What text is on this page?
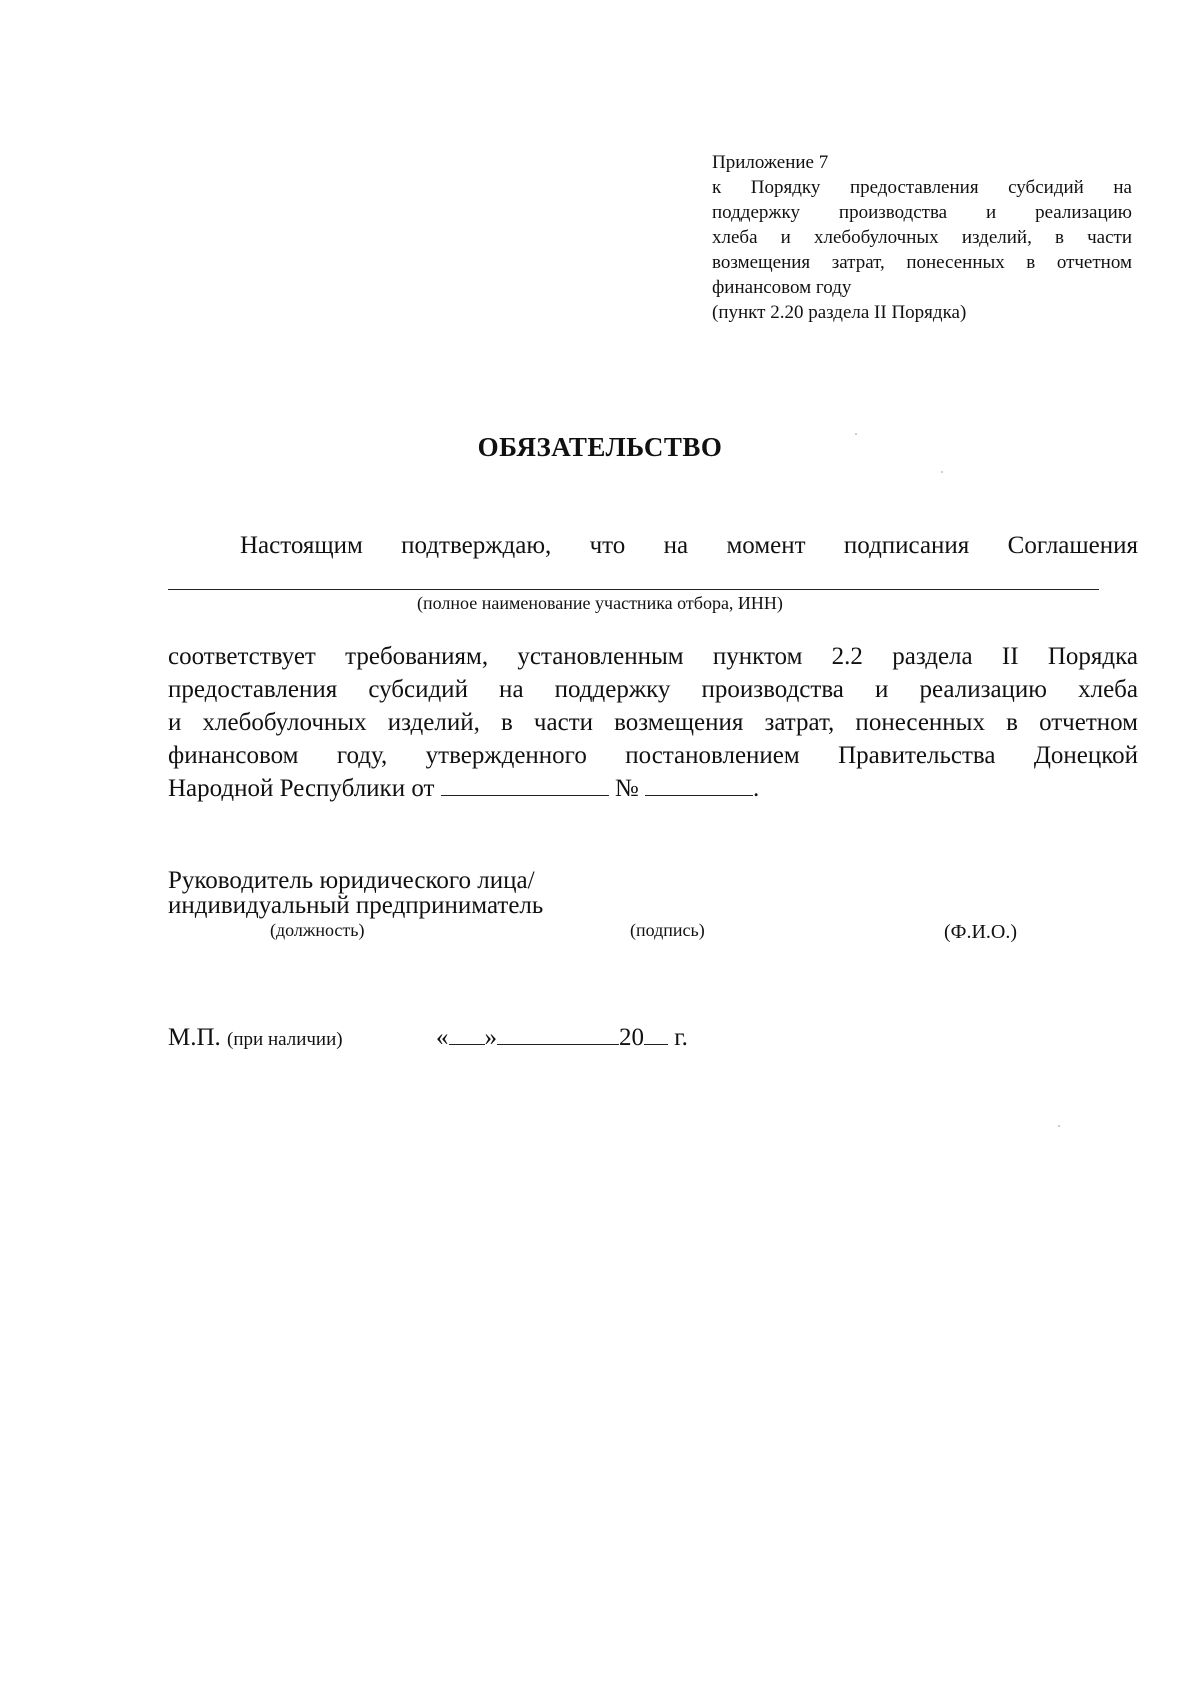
Приложение 7
к Порядку предоставления субсидий на
поддержку производства и реализацию
хлеба и хлебобулочных изделий, в части
возмещения затрат, понесенных в отчетном
финансовом году
(пункт 2.20 раздела II Порядка)
ОБЯЗАТЕЛЬСТВО
Настоящим подтверждаю, что на момент подписания Соглашения
(полное наименование участника отбора, ИНН)
соответствует требованиям, установленным пунктом 2.2 раздела II Порядка
предоставления субсидий на поддержку производства и реализацию хлеба
и хлебобулочных изделий, в части возмещения затрат, понесенных в отчетном
финансовом году, утвержденного постановлением Правительства Донецкой
Народной Республики от	№	.
Руководитель юридического лица/
индивидуальный предприниматель
(должность)	(подпись)	(Ф.И.О.)
М.П. (при наличии)	« »	20 г.
